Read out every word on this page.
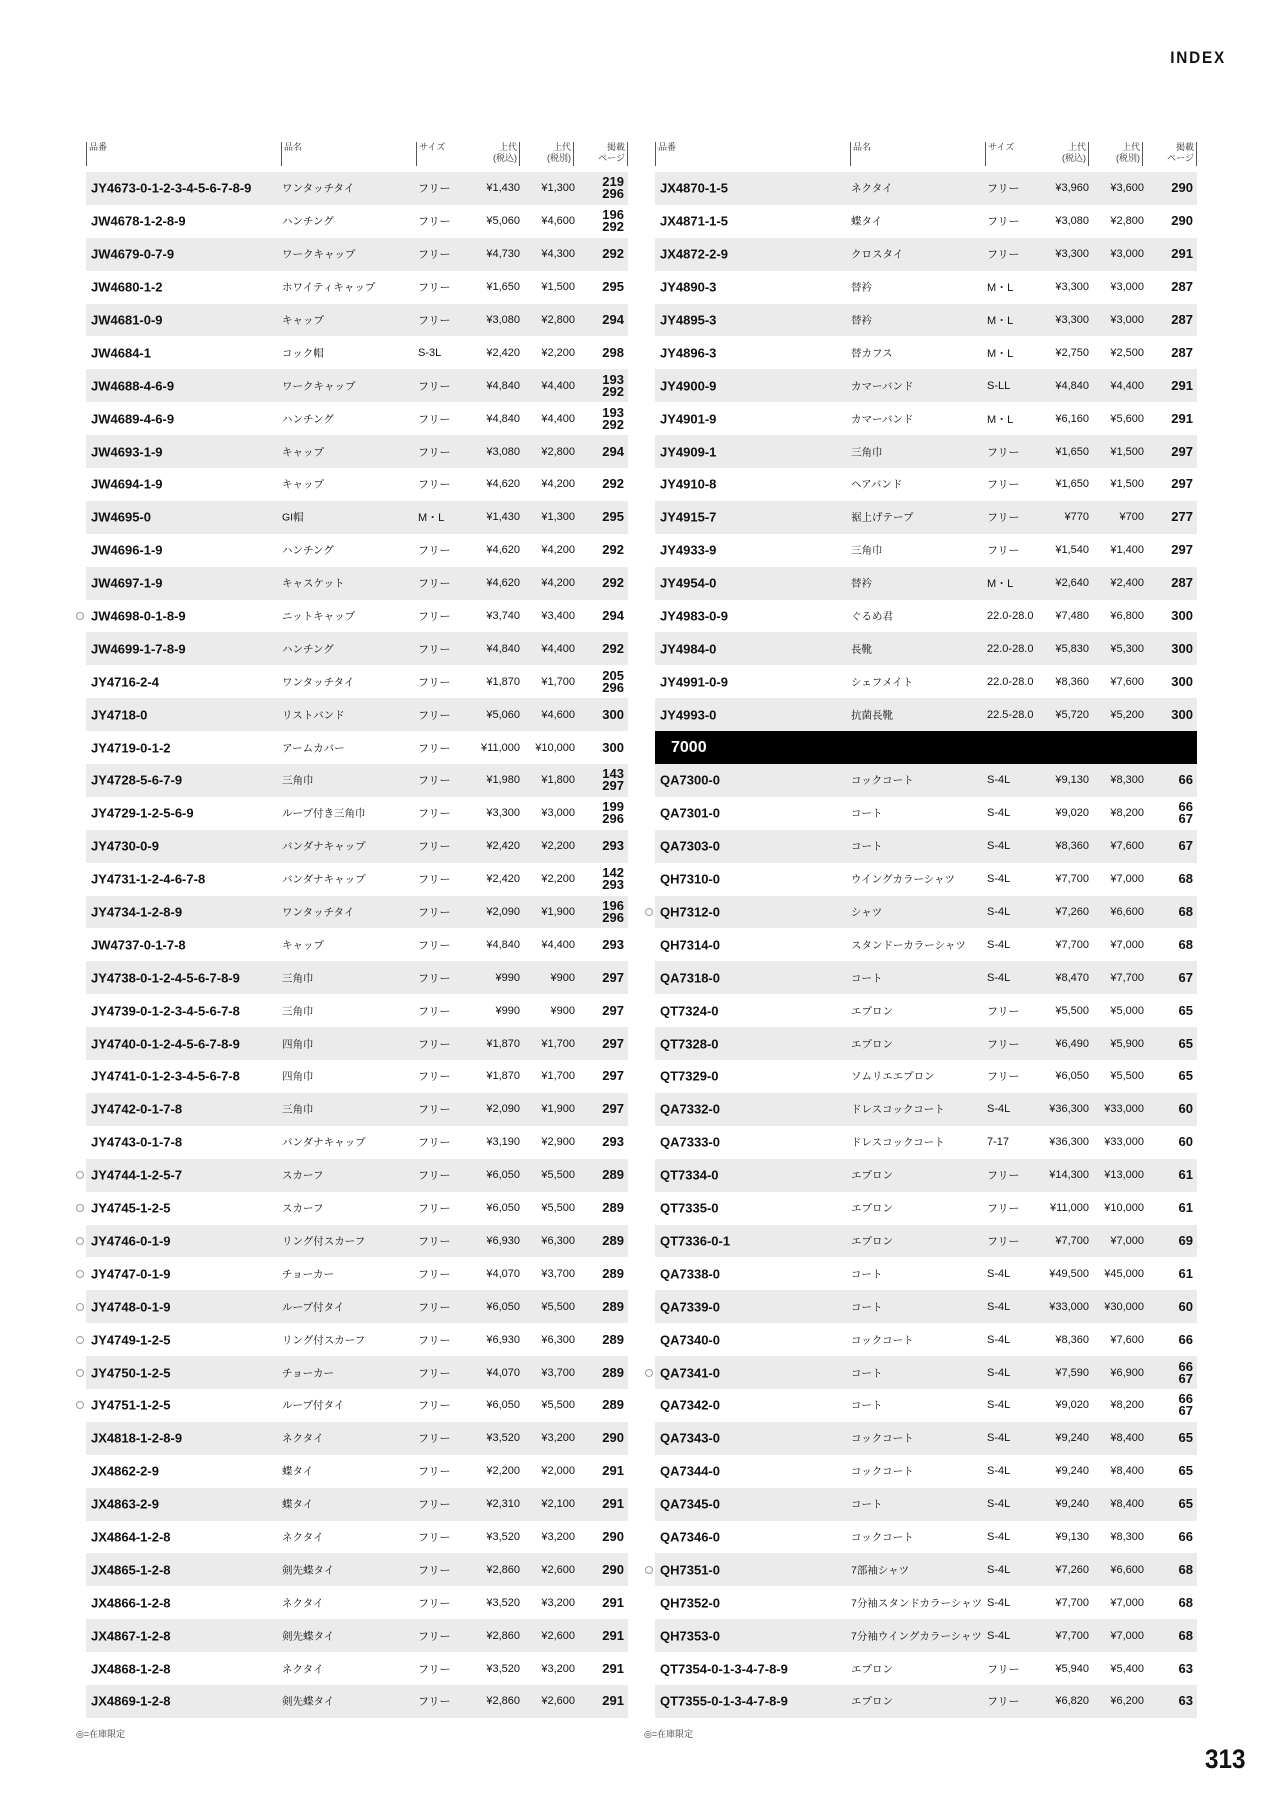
INDEX
品番	品名	サイズ	上代
(税込)
上代
(税別)
掲載
ページ
JY4673-0-1-2-3-4-5-6-7-8-9	ワンタッチタイ	フリー	¥1,430 ¥1,300 219
296
JW4678-1-2-8-9	ハンチング	フリー	¥5,060 ¥4,600 196
292
JW4679-0-7-9	ワークキャップ	フリー	¥4,730 ¥4,300 292
JW4680-1-2	ホワイティキャップ	フリー	¥1,650 ¥1,500 295
JW4681-0-9	キャップ	フリー	¥3,080 ¥2,800 294
JW4684-1	コック帽	S-3L	¥2,420 ¥2,200 298
JW4688-4-6-9	ワークキャップ	フリー	¥4,840 ¥4,400 193
292
JW4689-4-6-9	ハンチング	フリー	¥4,840 ¥4,400 193
292
JW4693-1-9	キャップ	フリー	¥3,080 ¥2,800 294
JW4694-1-9	キャップ	フリー	¥4,620 ¥4,200 292
JW4695-0	GI帽	M・L	¥1,430 ¥1,300 295
JW4696-1-9	ハンチング	フリー	¥4,620 ¥4,200 292
JW4697-1-9	キャスケット	フリー	¥4,620 ¥4,200 292
JW4698-0-1-8-9	ニットキャップ	フリー	¥3,740 ¥3,400 294
JW4699-1-7-8-9	ハンチング	フリー	¥4,840 ¥4,400 292
JY4716-2-4	ワンタッチタイ	フリー	¥1,870 ¥1,700 205
296
JY4718-0	リストバンド	フリー	¥5,060 ¥4,600 300
JY4719-0-1-2	アームカバー	フリー	¥11,000 ¥10,000 300
JY4728-5-6-7-9	三角巾	フリー	¥1,980 ¥1,800 143
297
JY4729-1-2-5-6-9	ループ付き三角巾	フリー	¥3,300 ¥3,000 199
296
JY4730-0-9	バンダナキャップ	フリー	¥2,420 ¥2,200 293
JY4731-1-2-4-6-7-8	バンダナキャップ	フリー	¥2,420 ¥2,200 142
293
JY4734-1-2-8-9	ワンタッチタイ	フリー	¥2,090 ¥1,900 196
296
JW4737-0-1-7-8	キャップ	フリー	¥4,840 ¥4,400 293
JY4738-0-1-2-4-5-6-7-8-9	三角巾	フリー	¥990	¥900 297
JY4739-0-1-2-3-4-5-6-7-8	三角巾	フリー	¥990	¥900 297
JY4740-0-1-2-4-5-6-7-8-9	四角巾	フリー	¥1,870 ¥1,700 297
JY4741-0-1-2-3-4-5-6-7-8	四角巾	フリー	¥1,870 ¥1,700 297
JY4742-0-1-7-8	三角巾	フリー	¥2,090 ¥1,900 297
JY4743-0-1-7-8	バンダナキャップ	フリー	¥3,190 ¥2,900 293
JY4744-1-2-5-7	スカーフ	フリー	¥6,050 ¥5,500 289
JY4745-1-2-5	スカーフ	フリー	¥6,050 ¥5,500 289
JY4746-0-1-9	リング付スカーフ	フリー	¥6,930 ¥6,300 289
JY4747-0-1-9	チョーカー	フリー	¥4,070 ¥3,700 289
JY4748-0-1-9	ループ付タイ	フリー	¥6,050 ¥5,500 289
JY4749-1-2-5	リング付スカーフ	フリー	¥6,930 ¥6,300 289
JY4750-1-2-5	チョーカー	フリー	¥4,070 ¥3,700 289
JY4751-1-2-5	ループ付タイ	フリー	¥6,050 ¥5,500 289
JX4818-1-2-8-9	ネクタイ	フリー	¥3,520 ¥3,200 290
JX4862-2-9	蝶タイ	フリー	¥2,200 ¥2,000 291
JX4863-2-9	蝶タイ	フリー	¥2,310 ¥2,100 291
JX4864-1-2-8	ネクタイ	フリー	¥3,520 ¥3,200 290
JX4865-1-2-8	剣先蝶タイ	フリー	¥2,860 ¥2,600 290
JX4866-1-2-8	ネクタイ	フリー	¥3,520 ¥3,200 291
JX4867-1-2-8	剣先蝶タイ	フリー	¥2,860 ¥2,600 291
JX4868-1-2-8	ネクタイ	フリー	¥3,520 ¥3,200 291
JX4869-1-2-8	剣先蝶タイ	フリー	¥2,860 ¥2,600 291
品番	品名	サイズ	上代
(税込)
上代
(税別)
掲載
ページ
JX4870-1-5	ネクタイ	フリー	¥3,960 ¥3,600 290
JX4871-1-5	蝶タイ	フリー	¥3,080 ¥2,800 290
JX4872-2-9	クロスタイ	フリー	¥3,300 ¥3,000 291
JY4890-3	替衿	M・L	¥3,300 ¥3,000 287
JY4895-3	替衿	M・L	¥3,300 ¥3,000 287
JY4896-3	替カフス	M・L	¥2,750 ¥2,500 287
JY4900-9	カマーバンド	S-LL	¥4,840 ¥4,400 291
JY4901-9	カマーバンド	M・L	¥6,160 ¥5,600 291
JY4909-1	三角巾	フリー	¥1,650 ¥1,500 297
JY4910-8	ヘアバンド	フリー	¥1,650 ¥1,500 297
JY4915-7	裾上げテープ	フリー	¥770	¥700 277
JY4933-9	三角巾	フリー	¥1,540 ¥1,400 297
JY4954-0	替衿	M・L	¥2,640 ¥2,400 287
JY4983-0-9	ぐるめ君	22.0-28.0 ¥7,480 ¥6,800 300
JY4984-0	長靴	22.0-28.0 ¥5,830 ¥5,300 300
JY4991-0-9	シェフメイト	22.0-28.0 ¥8,360 ¥7,600 300
JY4993-0	抗菌長靴	22.5-28.0 ¥5,720 ¥5,200 300
7000
QA7300-0	コックコート	S-4L	¥9,130 ¥8,300	66
QA7301-0	コート	S-4L	¥9,020 ¥8,200	66
67
QA7303-0	コート	S-4L	¥8,360 ¥7,600	67
QH7310-0	ウイングカラーシャツ	S-4L	¥7,700 ¥7,000	68
QH7312-0	シャツ	S-4L	¥7,260 ¥6,600	68
QH7314-0	スタンドーカラーシャツ S-4L	¥7,700 ¥7,000	68
QA7318-0	コート	S-4L	¥8,470 ¥7,700	67
QT7324-0	エプロン	フリー	¥5,500 ¥5,000	65
QT7328-0	エプロン	フリー	¥6,490 ¥5,900	65
QT7329-0	ソムリエエプロン	フリー	¥6,050 ¥5,500	65
QA7332-0	ドレスコックコート	S-4L	¥36,300 ¥33,000	60
QA7333-0	ドレスコックコート	7-17	¥36,300 ¥33,000	60
QT7334-0	エプロン	フリー	¥14,300 ¥13,000	61
QT7335-0	エプロン	フリー	¥11,000 ¥10,000	61
QT7336-0-1	エプロン	フリー	¥7,700 ¥7,000	69
QA7338-0	コート	S-4L	¥49,500 ¥45,000	61
QA7339-0	コート	S-4L	¥33,000 ¥30,000	60
QA7340-0	コックコート	S-4L	¥8,360 ¥7,600	66
QA7341-0	コート	S-4L	¥7,590 ¥6,900	66
67
QA7342-0	コート	S-4L	¥9,020 ¥8,200	66
67
QA7343-0	コックコート	S-4L	¥9,240 ¥8,400	65
QA7344-0	コックコート	S-4L	¥9,240 ¥8,400	65
QA7345-0	コート	S-4L	¥9,240 ¥8,400	65
QA7346-0	コックコート	S-4L	¥9,130 ¥8,300	66
QH7351-0	7部袖シャツ	S-4L	¥7,260 ¥6,600	68
QH7352-0	7分袖スタンドカラーシャツ S-4L	¥7,700 ¥7,000	68
QH7353-0	7分袖ウイングカラーシャツ S-4L	¥7,700 ¥7,000	68
QT7354-0-1-3-4-7-8-9	エプロン	フリー	¥5,940 ¥5,400	63
QT7355-0-1-3-4-7-8-9	エプロン	フリー	¥6,820 ¥6,200	63
◎=在庫限定	◎=在庫限定
313
